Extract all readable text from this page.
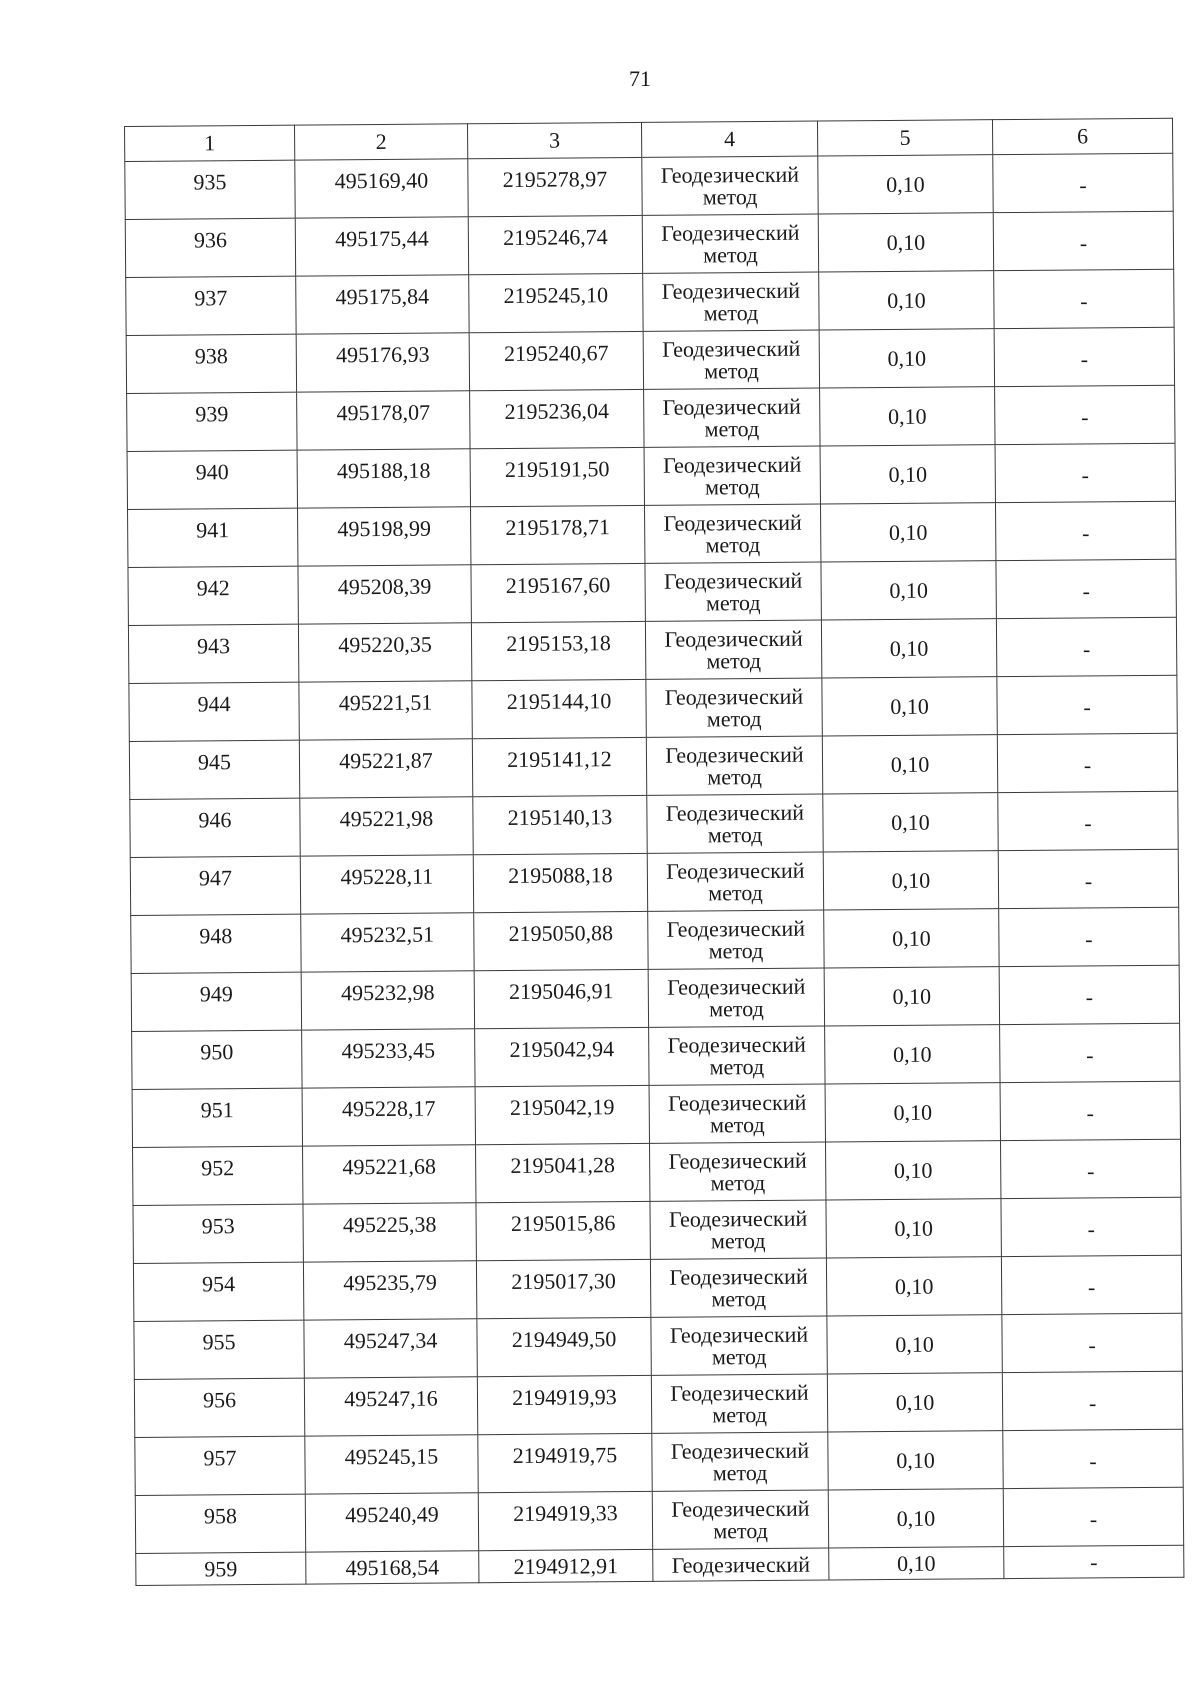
71
1	2	3	4	5	6
935	495169,40	2195278,97	Геодезический
метод	0,10	-
936	495175,44	2195246,74	Геодезический
метод	0,10	-
937	495175,84	2195245,10	Геодезический
метод	0,10	-
938	495176,93	2195240,67	Геодезический
метод	0,10	-
939	495178,07	2195236,04	Геодезический
метод	0,10	-
940	495188,18	2195191,50	Геодезический
метод	0,10	-
941	495198,99	2195178,71	Геодезический
метод	0,10	-
942	495208,39	2195167,60	Геодезический
метод	0,10	-
943	495220,35	2195153,18	Геодезический
метод	0,10	-
944	495221,51	2195144,10	Геодезический
метод	0,10	-
945	495221,87	2195141,12	Геодезический
метод	0,10	-
946	495221,98	2195140,13	Геодезический
метод	0,10	-
947	495228,11	2195088,18	Геодезический
метод	0,10	-
948	495232,51	2195050,88	Геодезический
метод	0,10	-
949	495232,98	2195046,91	Геодезический
метод	0,10	-
950	495233,45	2195042,94	Геодезический
метод	0,10	-
951	495228,17	2195042,19	Геодезический
метод	0,10	-
952	495221,68	2195041,28	Геодезический
метод	0,10	-
953	495225,38	2195015,86	Геодезический
метод	0,10	-
954	495235,79	2195017,30	Геодезический
метод	0,10	-
955	495247,34	2194949,50	Геодезический
метод	0,10	-
956	495247,16	2194919,93	Геодезический
метод	0,10	-
957	495245,15	2194919,75	Геодезический
метод	0,10	-
958	495240,49	2194919,33	Геодезический
метод	0,10	-
959	495168,54	2194912,91	Геодезический	0,10	-
